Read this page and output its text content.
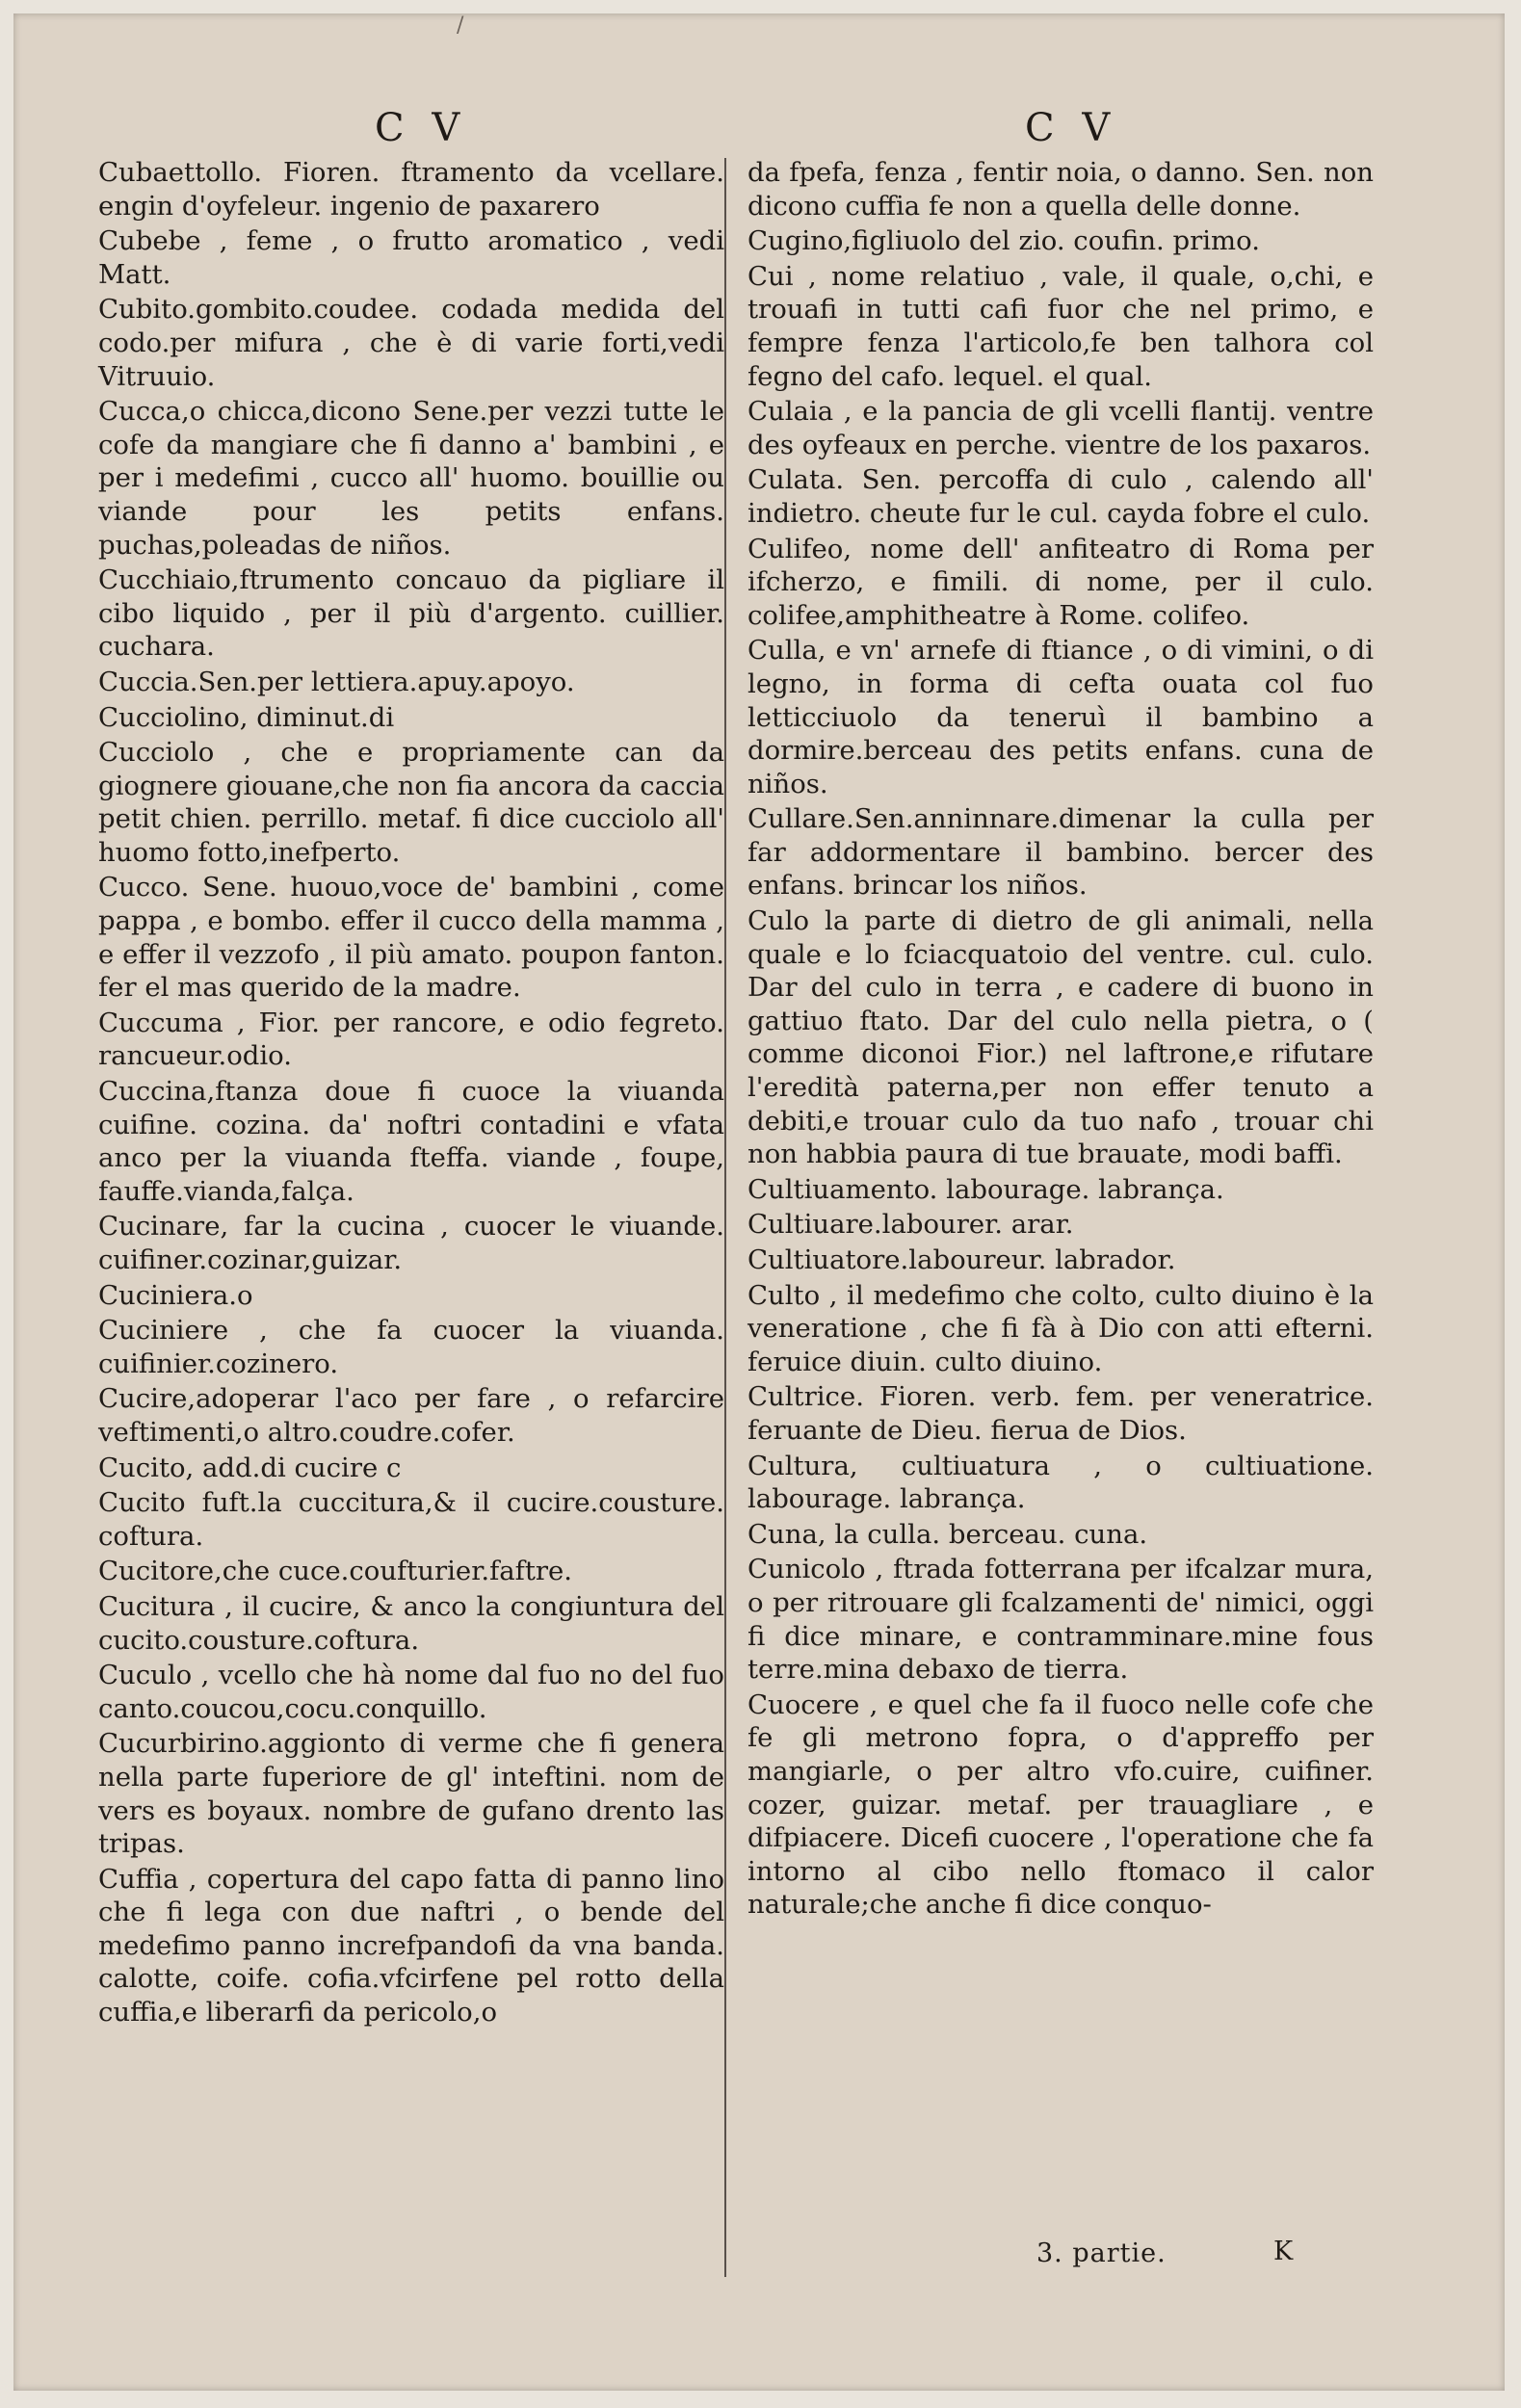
/
C V	C V

Cubaettollo. Fioren. ftramento da vcellare. engin d'oyfeleur. ingenio de paxarero

Cubebe , feme , o frutto aromatico , vedi Matt.

Cubito.gombito.coudee. codada medida del codo.per mifura , che è di varie forti,vedi Vitruuio.

Cucca,o chicca,dicono Sene.per vezzi tutte le cofe da mangiare che fi danno a' bambini , e per i medefimi , cucco all' huomo. bouillie ou viande pour les petits enfans. puchas,poleadas de niños.

Cucchiaio,ftrumento concauo da pigliare il cibo liquido , per il più d'argento. cuillier. cuchara.

Cuccia.Sen.per lettiera.apuy.apoyo.

Cucciolino, diminut.di

Cucciolo , che e propriamente can da giognere giouane,che non fia ancora da caccia petit chien. perrillo. metaf. fi dice cucciolo all' huomo fotto,inefperto.

Cucco. Sene. huouo,voce de' bambini , come pappa , e bombo. effer il cucco della mamma , e effer il vezzofo , il più amato. poupon fanton. fer el mas querido de la madre.

Cuccuma , Fior. per rancore, e odio fegreto. rancueur.odio.

Cuccina,ftanza doue fi cuoce la viuanda cuifine. cozina. da' noftri contadini e vfata anco per la viuanda fteffa. viande , foupe, fauffe.vianda,falça.

Cucinare, far la cucina , cuocer le viuande. cuifiner.cozinar,guizar.

Cuciniera.o

Cuciniere , che fa cuocer la viuanda. cuifinier.cozinero.

Cucire,adoperar l'aco per fare , o refarcire veftimenti,o altro.coudre.cofer.

Cucito, add.di cucire c

Cucito fuft.la cuccitura,& il cucire.cousture. coftura.

Cucitore,che cuce.coufturier.faftre.

Cucitura , il cucire, & anco la congiuntura del cucito.cousture.coftura.

Cuculo , vcello che hà nome dal fuo no del fuo canto.coucou,cocu.conquillo.

Cucurbirino.aggionto di verme che fi genera nella parte fuperiore de gl' inteftini. nom de vers es boyaux. nombre de gufano drento las tripas.

Cuffia , copertura del capo fatta di panno lino che fi lega con due naftri , o bende del medefimo panno increfpandofi da vna banda. calotte, coife. cofia.vfcirfene pel rotto della cuffia,e liberarfi da pericolo,o

da fpefa, fenza , fentir noia, o danno. Sen. non dicono cuffia fe non a quella delle donne.

Cugino,figliuolo del zio. coufin. primo.

Cui , nome relatiuo , vale, il quale, o,chi, e trouafi in tutti cafi fuor che nel primo, e fempre fenza l'articolo,fe ben talhora col fegno del cafo. lequel. el qual.

Culaia , e la pancia de gli vcelli flantij. ventre des oyfeaux en perche. vientre de los paxaros.

Culata. Sen. percoffa di culo , calendo all' indietro. cheute fur le cul. cayda fobre el culo.

Culifeo, nome dell' anfiteatro di Roma per ifcherzo, e fimili. di nome, per il culo. colifee,amphitheatre à Rome. colifeo.

Culla, e vn' arnefe di ftiance , o di vimini, o di legno, in forma di cefta ouata col fuo letticciuolo da teneruì il bambino a dormire.berceau des petits enfans. cuna de niños.

Cullare.Sen.anninnare.dimenar la culla per far addormentare il bambino. bercer des enfans. brincar los niños.

Culo la parte di dietro de gli animali, nella quale e lo fciacquatoio del ventre. cul. culo. Dar del culo in terra , e cadere di buono in gattiuo ftato. Dar del culo nella pietra, o ( comme diconoi Fior.) nel laftrone,e rifutare l'eredità paterna,per non effer tenuto a debiti,e trouar culo da tuo nafo , trouar chi non habbia paura di tue brauate, modi baffi.

Cultiuamento. labourage. labrança.

Cultiuare.labourer. arar.

Cultiuatore.laboureur. labrador.

Culto , il medefimo che colto, culto diuino è la veneratione , che fi fà à Dio con atti efterni. feruice diuin. culto diuino.

Cultrice. Fioren. verb. fem. per veneratrice. feruante de Dieu. fierua de Dios.

Cultura, cultiuatura , o cultiuatione. labourage. labrança.

Cuna, la culla. berceau. cuna.

Cunicolo , ftrada fotterrana per ifcalzar mura, o per ritrouare gli fcalzamenti de' nimici, oggi fi dice minare, e contramminare.mine fous terre.mina debaxo de tierra.

Cuocere , e quel che fa il fuoco nelle cofe che fe gli metrono fopra, o d'appreffo per mangiarle, o per altro vfo.cuire, cuifiner. cozer, guizar. metaf. per trauagliare , e difpiacere. Dicefi cuocere , l'operatione che fa intorno al cibo nello ftomaco il calor naturale;che anche fi dice conquo-

3. partie.	K
